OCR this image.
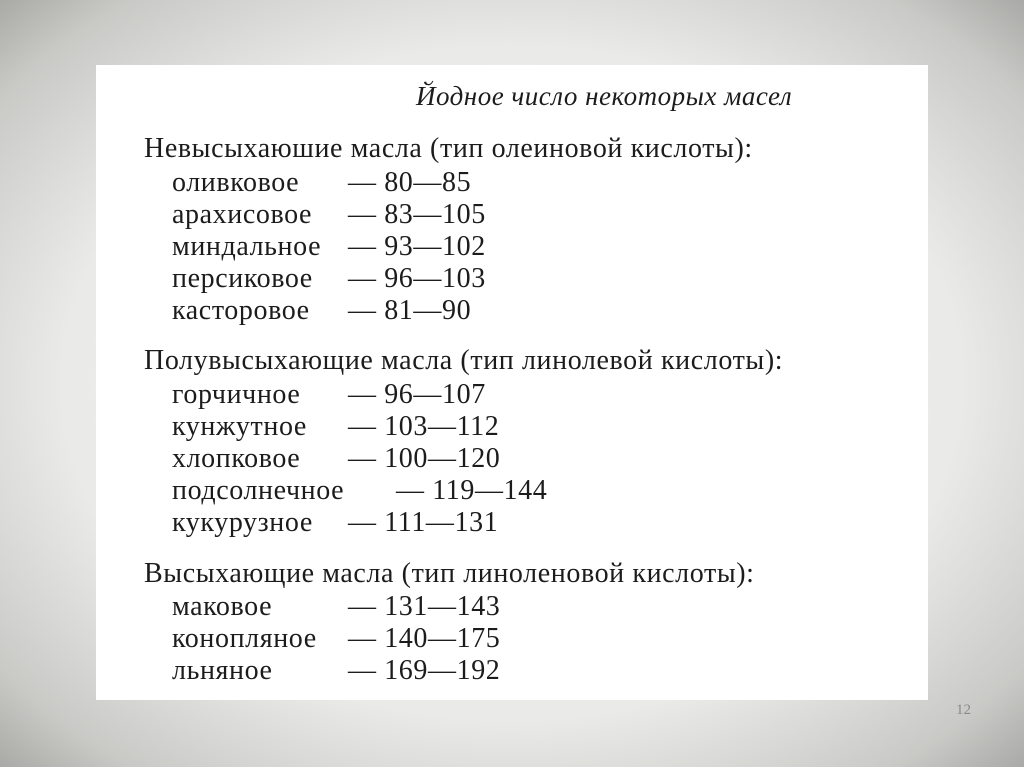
Йодное число некоторых масел
Невысыхаюшие масла (тип олеиновой кислоты):
оливковое — 80—85
арахисовое — 83—105
миндальное — 93—102
персиковое — 96—103
касторовое — 81—90
Полувысыхающие масла (тип линолевой кислоты):
горчичное — 96—107
кунжутное — 103—112
хлопковое — 100—120
подсолнечное — 119—144
кукурузное — 111—131
Высыхающие масла (тип линоленовой кислоты):
маковое	— 131—143
конопляное — 140—175
льняное	— 169—192
12
